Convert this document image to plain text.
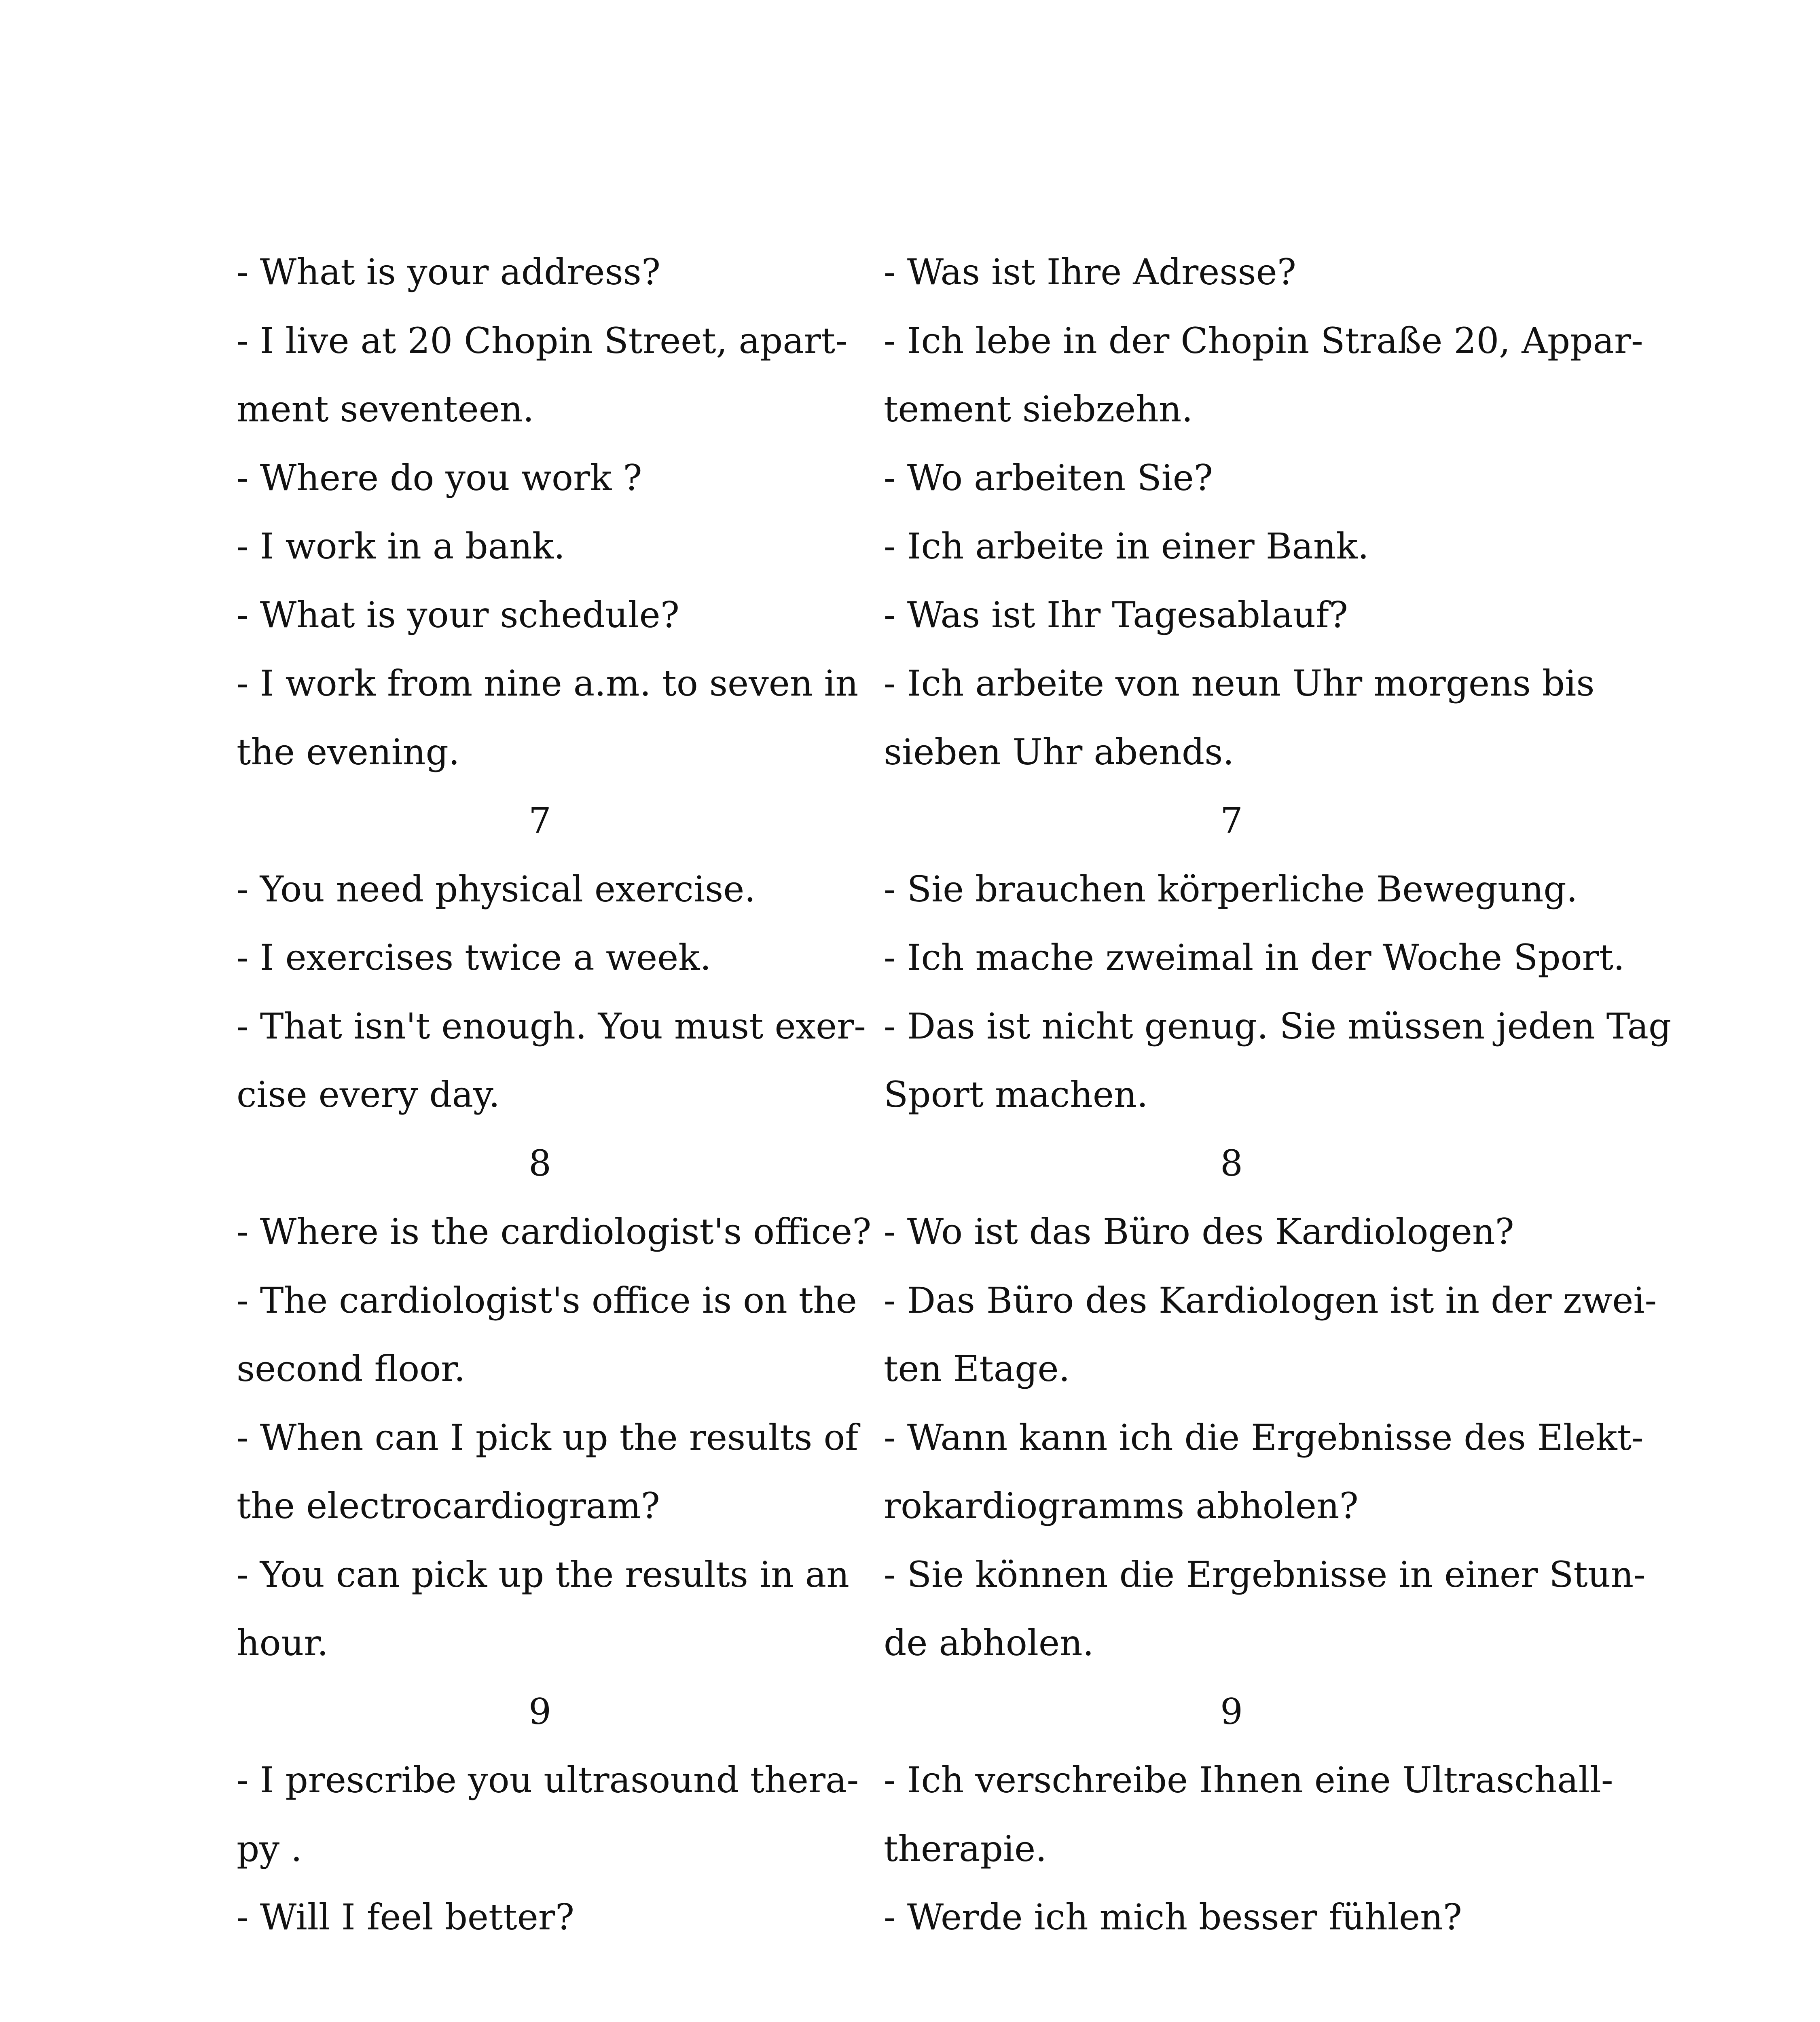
- What is your address?
- I live at 20 Chopin Street, apart-
ment seventeen.
- Where do you work ?
- I work in a bank.
- What is your schedule?
- I work from nine a.m. to seven in
the evening.
7
- You need physical exercise.
- I exercises twice a week.
- That isn't enough. You must exer-
cise every day.
8
- Where is the cardiologist's office?
- The cardiologist's office is on the
second floor.
- When can I pick up the results of
the electrocardiogram?
- You can pick up the results in an
hour.
9
- I prescribe you ultrasound thera-
py .
- Will I feel better?
- Was ist Ihre Adresse?
- Ich lebe in der Chopin Straße 20, Appar-
tement siebzehn.
- Wo arbeiten Sie?
- Ich arbeite in einer Bank.
- Was ist Ihr Tagesablauf?
- Ich arbeite von neun Uhr morgens bis
sieben Uhr abends.
7
- Sie brauchen körperliche Bewegung.
- Ich mache zweimal in der Woche Sport.
- Das ist nicht genug. Sie müssen jeden Tag
Sport machen.
8
- Wo ist das Büro des Kardiologen?
- Das Büro des Kardiologen ist in der zwei-
ten Etage.
- Wann kann ich die Ergebnisse des Elekt-
rokardiogramms abholen?
- Sie können die Ergebnisse in einer Stun-
de abholen.
9
- Ich verschreibe Ihnen eine Ultraschall-
therapie.
- Werde ich mich besser fühlen?
